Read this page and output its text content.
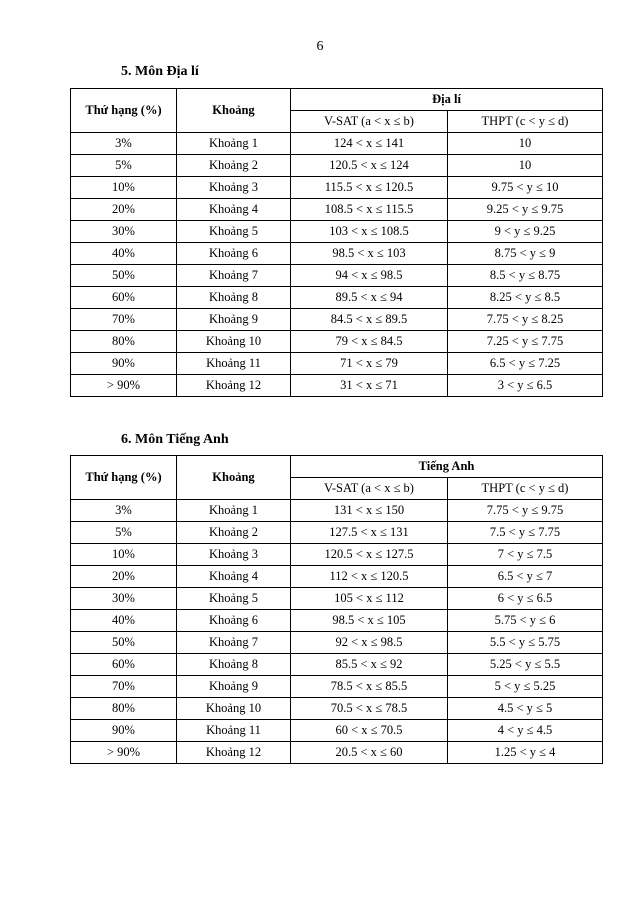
6
5. Môn Địa lí
Thứ hạng (%)	Khoảng	Địa lí	
		V-SAT (a < x ≤ b)	THPT (c < y ≤ d)
3%	Khoảng 1	124 < x ≤ 141	10
5%	Khoảng 2	120.5 < x ≤ 124	10
10%	Khoảng 3	115.5 < x ≤ 120.5	9.75 < y ≤ 10
20%	Khoảng 4	108.5 < x ≤ 115.5	9.25 < y ≤ 9.75
30%	Khoảng 5	103 < x ≤ 108.5	9 < y ≤ 9.25
40%	Khoảng 6	98.5 < x ≤ 103	8.75 < y ≤ 9
50%	Khoảng 7	94 < x ≤ 98.5	8.5 < y ≤ 8.75
60%	Khoảng 8	89.5 < x ≤ 94	8.25 < y ≤ 8.5
70%	Khoảng 9	84.5 < x ≤ 89.5	7.75 < y ≤ 8.25
80%	Khoảng 10	79 < x ≤ 84.5	7.25 < y ≤ 7.75
90%	Khoảng 11	71 < x ≤ 79	6.5 < y ≤ 7.25
> 90%	Khoảng 12	31 < x ≤ 71	3 < y ≤ 6.5
6. Môn Tiếng Anh
Thứ hạng (%)	Khoảng	Tiếng Anh	
		V-SAT (a < x ≤ b)	THPT (c < y ≤ d)
3%	Khoảng 1	131 < x ≤ 150	7.75 < y ≤ 9.75
5%	Khoảng 2	127.5 < x ≤ 131	7.5 < y ≤ 7.75
10%	Khoảng 3	120.5 < x ≤ 127.5	7 < y ≤ 7.5
20%	Khoảng 4	112 < x ≤ 120.5	6.5 < y ≤ 7
30%	Khoảng 5	105 < x ≤ 112	6 < y ≤ 6.5
40%	Khoảng 6	98.5 < x ≤ 105	5.75 < y ≤ 6
50%	Khoảng 7	92 < x ≤ 98.5	5.5 < y ≤ 5.75
60%	Khoảng 8	85.5 < x ≤ 92	5.25 < y ≤ 5.5
70%	Khoảng 9	78.5 < x ≤ 85.5	5 < y ≤ 5.25
80%	Khoảng 10	70.5 < x ≤ 78.5	4.5 < y ≤ 5
90%	Khoảng 11	60 < x ≤ 70.5	4 < y ≤ 4.5
> 90%	Khoảng 12	20.5 < x ≤ 60	1.25 < y ≤ 4
